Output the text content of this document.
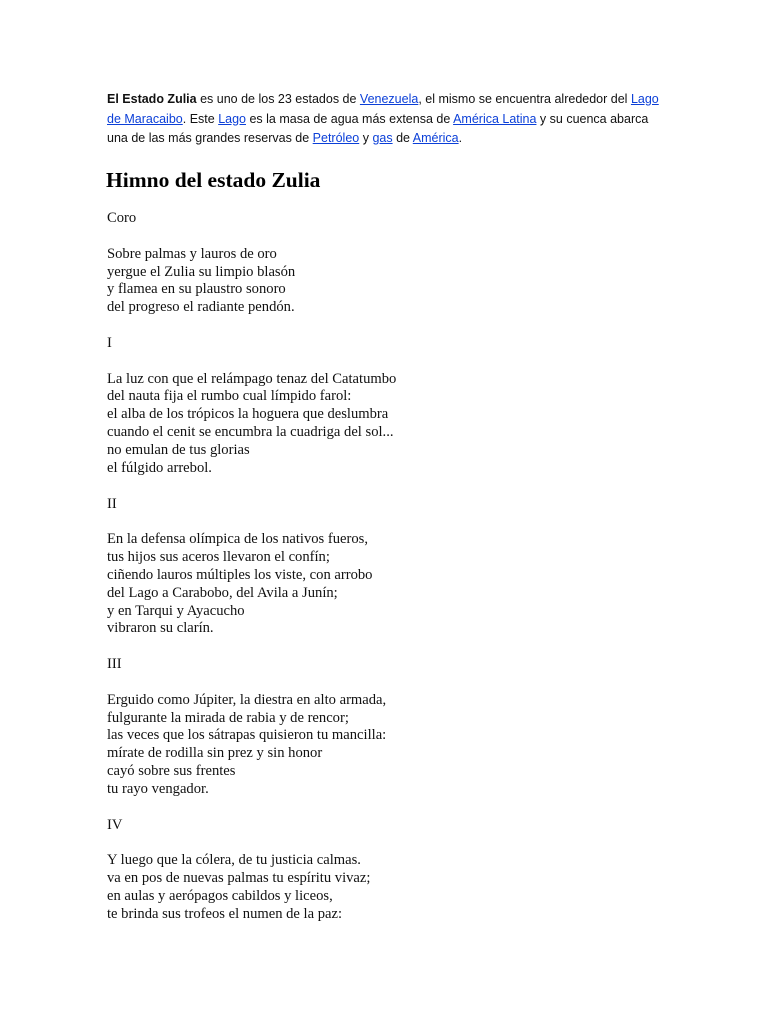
El Estado Zulia es uno de los 23 estados de Venezuela, el mismo se encuentra alrededor del Lago
de Maracaibo. Este Lago es la masa de agua más extensa de América Latina y su cuenca abarca
una de las más grandes reservas de Petróleo y gas de América.
Himno del estado Zulia
Coro
Sobre palmas y lauros de oro
yergue el Zulia su limpio blasón
y flamea en su plaustro sonoro
del progreso el radiante pendón.
I
La luz con que el relámpago tenaz del Catatumbo
del nauta fija el rumbo cual límpido farol:
el alba de los trópicos la hoguera que deslumbra
cuando el cenit se encumbra la cuadriga del sol...
no emulan de tus glorias
el fúlgido arrebol.
II
En la defensa olímpica de los nativos fueros,
tus hijos sus aceros llevaron el confín;
ciñendo lauros múltiples los viste, con arrobo
del Lago a Carabobo, del Avila a Junín;
y en Tarqui y Ayacucho
vibraron su clarín.
III
Erguido como Júpiter, la diestra en alto armada,
fulgurante la mirada de rabia y de rencor;
las veces que los sátrapas quisieron tu mancilla:
mírate de rodilla sin prez y sin honor
cayó sobre sus frentes
tu rayo vengador.
IV
Y luego que la cólera, de tu justicia calmas.
va en pos de nuevas palmas tu espíritu vivaz;
en aulas y aerópagos cabildos y liceos,
te brinda sus trofeos el numen de la paz:
